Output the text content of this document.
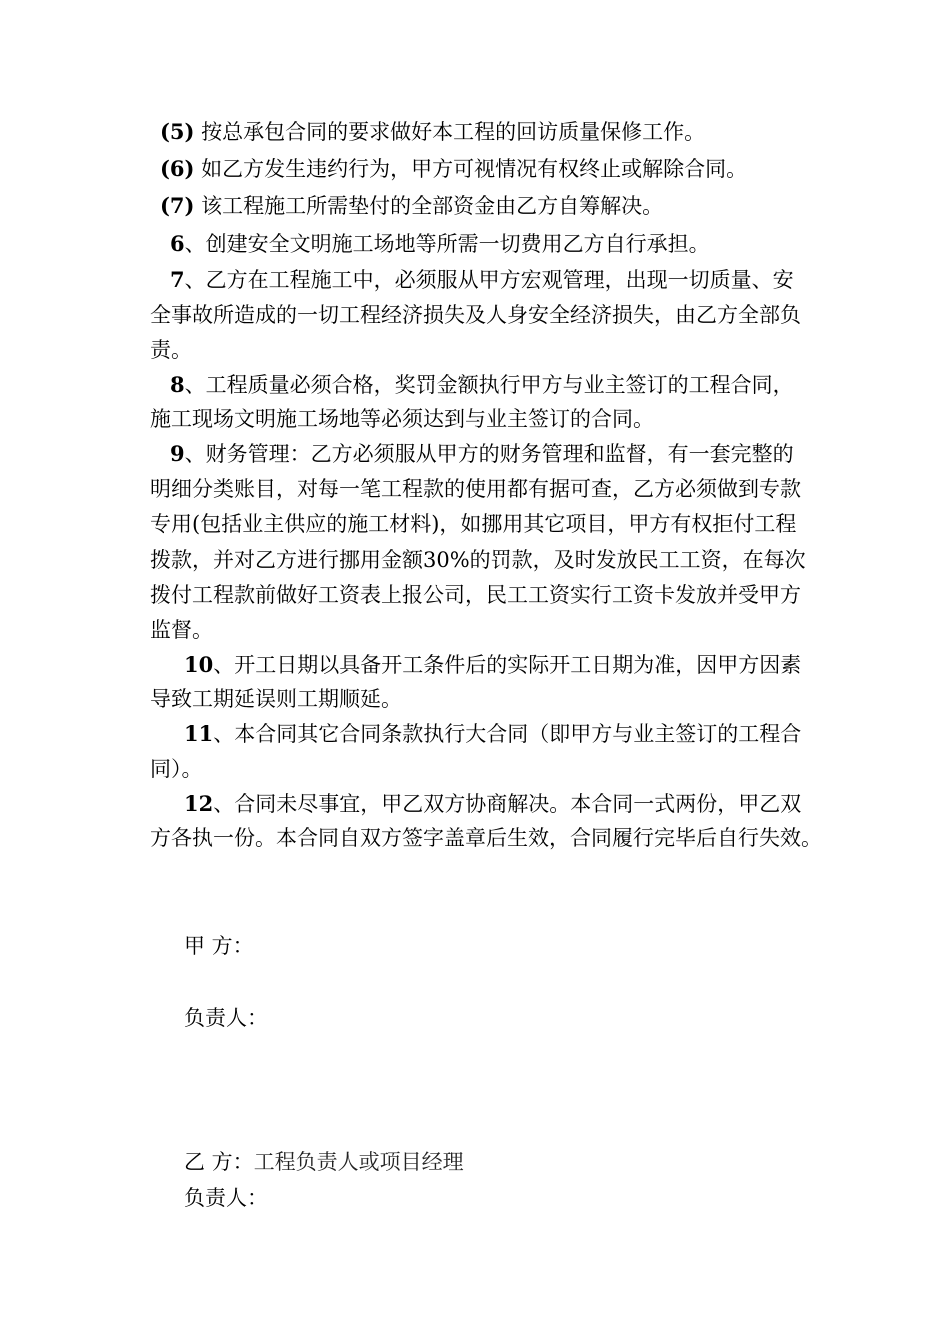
(5) 按总承包合同的要求做好本工程的回访质量保修工作。
(6) 如乙方发生违约行为，甲方可视情况有权终止或解除合同。
(7) 该工程施工所需垫付的全部资金由乙方自筹解决。
6、创建安全文明施工场地等所需一切费用乙方自行承担。
7、乙方在工程施工中，必须服从甲方宏观管理，出现一切质量、安
全事故所造成的一切工程经济损失及人身安全经济损失，由乙方全部负
责。
8、工程质量必须合格，奖罚金额执行甲方与业主签订的工程合同，
施工现场文明施工场地等必须达到与业主签订的合同。
9、财务管理：乙方必须服从甲方的财务管理和监督，有一套完整的
明细分类账目，对每一笔工程款的使用都有据可查，乙方必须做到专款
专用(包括业主供应的施工材料)，如挪用其它项目，甲方有权拒付工程
拨款，并对乙方进行挪用金额30%的罚款，及时发放民工工资，在每次
拨付工程款前做好工资表上报公司，民工工资实行工资卡发放并受甲方
监督。
10、开工日期以具备开工条件后的实际开工日期为准，因甲方因素
导致工期延误则工期顺延。
11、本合同其它合同条款执行大合同（即甲方与业主签订的工程合
同）。
12、合同未尽事宜，甲乙双方协商解决。本合同一式两份，甲乙双
方各执一份。本合同自双方签字盖章后生效，合同履行完毕后自行失效。
甲 方：
负责人：
乙 方：工程负责人或项目经理
负责人：
